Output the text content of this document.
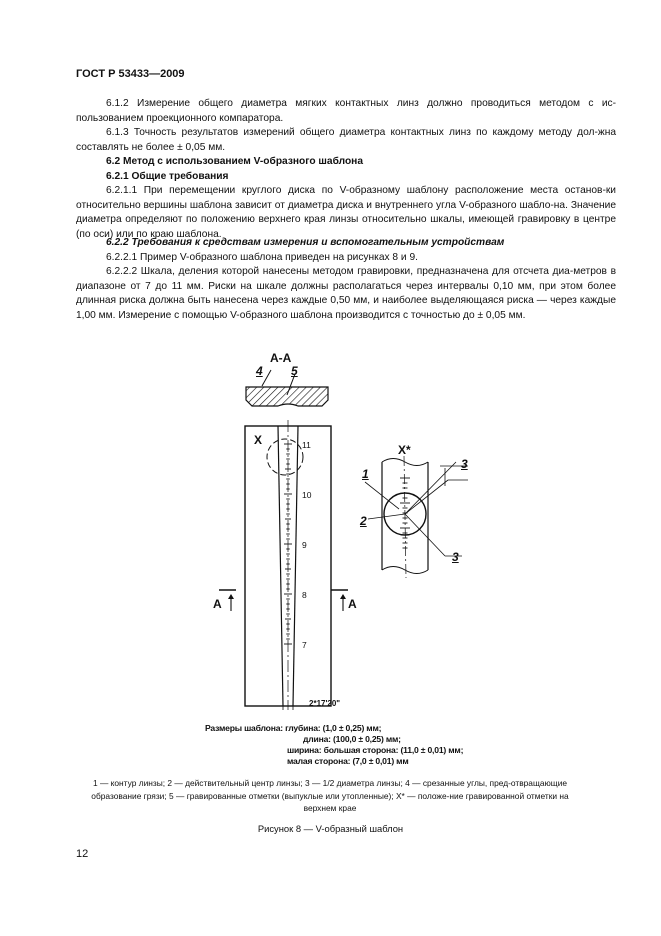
ГОСТ Р 53433—2009
6.1.2 Измерение общего диаметра мягких контактных линз должно проводиться методом с ис-пользованием проекционного компаратора.
6.1.3 Точность результатов измерений общего диаметра контактных линз по каждому методу дол-жна составлять не более ± 0,05 мм.
6.2 Метод с использованием V-образного шаблона
6.2.1 Общие требования
6.2.1.1 При перемещении круглого диска по V-образному шаблону расположение места останов-ки относительно вершины шаблона зависит от диаметра диска и внутреннего угла V-образного шабло-на. Значение диаметра определяют по положению верхнего края линзы относительно шкалы, имеющей гравировку в центре (по оси) или по краю шаблона.
6.2.2 Требования к средствам измерения и вспомогательным устройствам
6.2.2.1 Пример V-образного шаблона приведен на рисунках 8 и 9.
6.2.2.2 Шкала, деления которой нанесены методом гравировки, предназначена для отсчета диа-метров в диапазоне от 7 до 11 мм. Риски на шкале должны располагаться через интервалы 0,10 мм, при этом более длинная риска должна быть нанесена через каждые 0,50 мм, и наиболее выделяющаяся риска — через каждые 1,00 мм. Измерение с помощью V-образного шаблона производится с точностью до ± 0,05 мм.
А-А
4 5
Х
А	А
11
10
9
8
7
2*17'20"
Х*
1
2
3
3
Размеры шаблона: глубина: (1,0 ± 0,25) мм;
длина: (100,0 ± 0,25) мм;
ширина: большая сторона: (11,0 ± 0,01) мм;
малая сторона: (7,0 ± 0,01) мм
1 — контур линзы; 2 — действительный центр линзы; 3 — 1/2 диаметра линзы; 4 — срезанные углы, пред-отвращающие образование грязи; 5 — гравированные отметки (выпуклые или утопленные); Х* — положе-ние гравированной отметки на верхнем крае
Рисунок 8 — V-образный шаблон
12
